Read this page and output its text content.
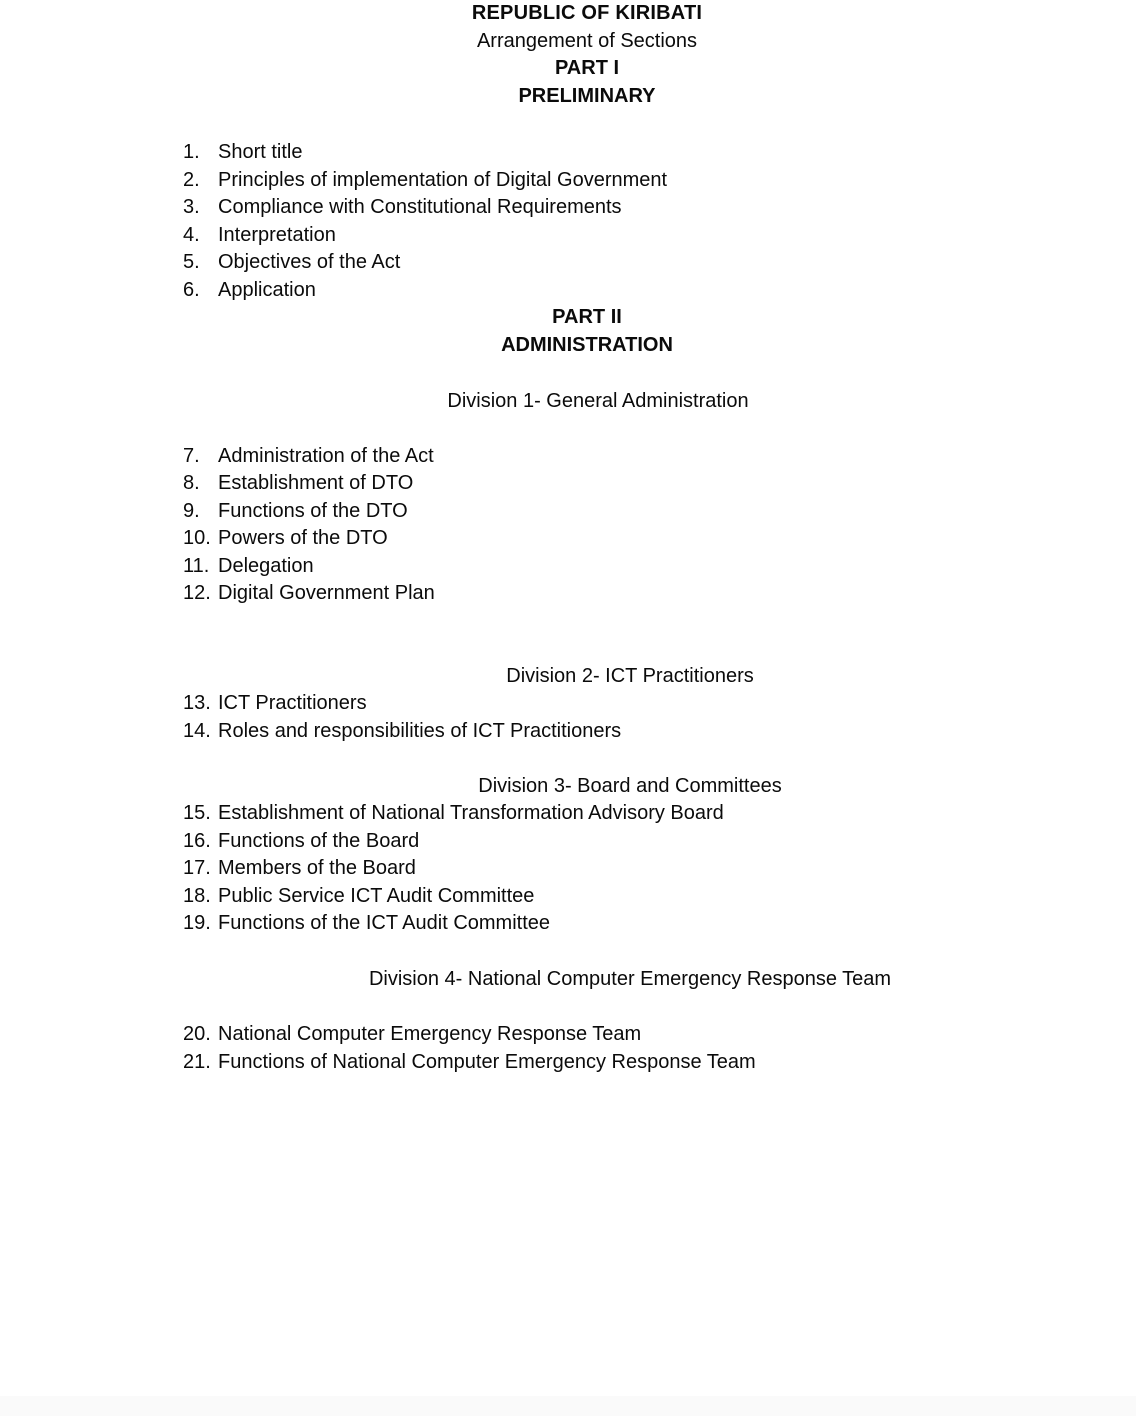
REPUBLIC OF KIRIBATI
Arrangement of Sections
PART I
PRELIMINARY
1. Short title
2. Principles of implementation of Digital Government
3. Compliance with Constitutional Requirements
4. Interpretation
5. Objectives of the Act
6. Application
PART II
ADMINISTRATION
Division 1- General Administration
7. Administration of the Act
8. Establishment of DTO
9. Functions of the DTO
10. Powers of the DTO
11. Delegation
12. Digital Government Plan
Division 2- ICT Practitioners
13. ICT Practitioners
14. Roles and responsibilities of ICT Practitioners
Division 3- Board and Committees
15. Establishment of National Transformation Advisory Board
16. Functions of the Board
17. Members of the Board
18. Public Service ICT Audit Committee
19. Functions of the ICT Audit Committee
Division 4- National Computer Emergency Response Team
20. National Computer Emergency Response Team
21. Functions of National Computer Emergency Response Team
